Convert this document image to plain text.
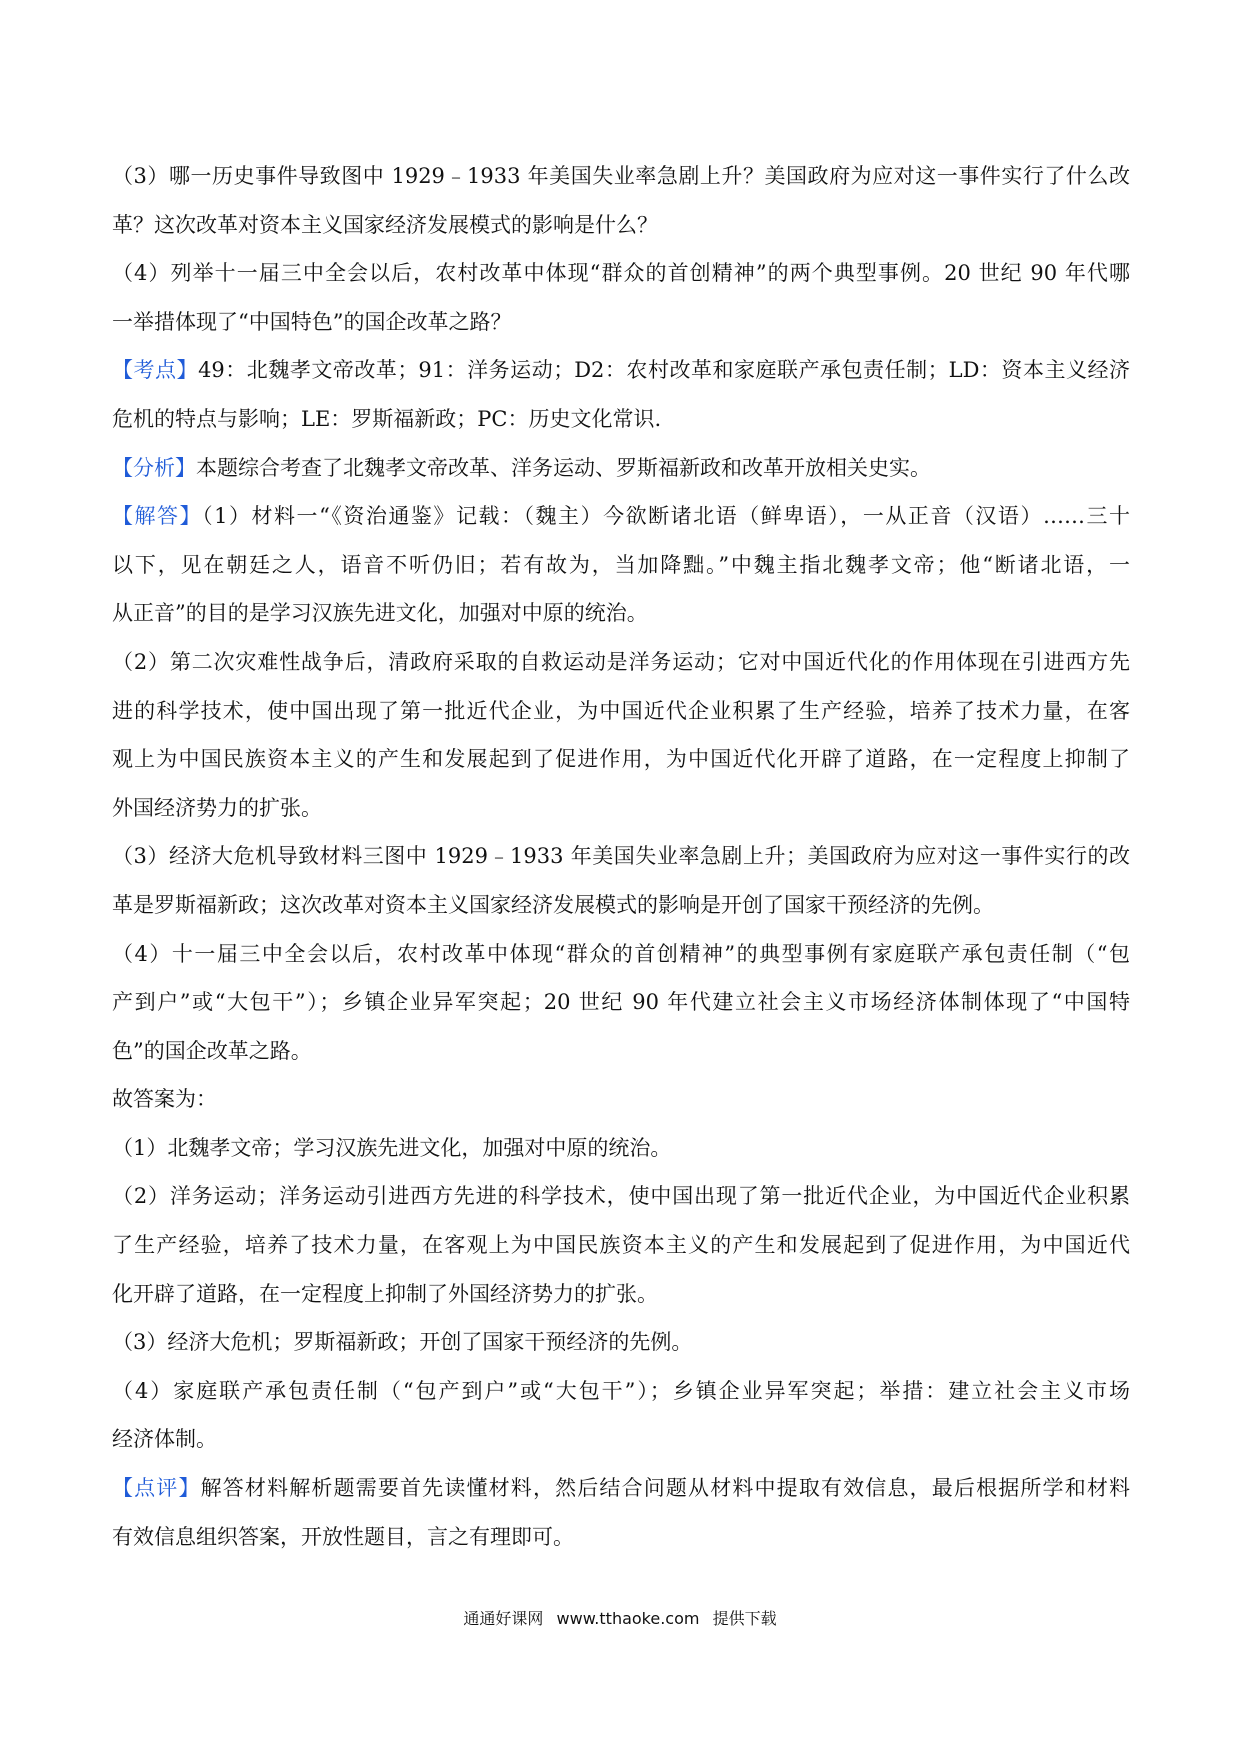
（3）哪一历史事件导致图中 1929﹣1933 年美国失业率急剧上升？美国政府为应对这一事件实行了什么改

革？这次改革对资本主义国家经济发展模式的影响是什么？

（4）列举十一届三中全会以后，农村改革中体现“群众的首创精神”的两个典型事例。20 世纪 90 年代哪

一举措体现了“中国特色”的国企改革之路？

【考点】49：北魏孝文帝改革；91：洋务运动；D2：农村改革和家庭联产承包责任制；LD：资本主义经济

危机的特点与影响；LE：罗斯福新政；PC：历史文化常识.

【分析】本题综合考查了北魏孝文帝改革、洋务运动、罗斯福新政和改革开放相关史实。

【解答】（1）材料一“《资治通鉴》记载：（魏主）今欲断诸北语（鲜卑语），一从正音（汉语）……三十

以下，见在朝廷之人，语音不听仍旧；若有故为，当加降黜。”中魏主指北魏孝文帝；他“断诸北语，一

从正音”的目的是学习汉族先进文化，加强对中原的统治。

（2）第二次灾难性战争后，清政府采取的自救运动是洋务运动；它对中国近代化的作用体现在引进西方先

进的科学技术，使中国出现了第一批近代企业，为中国近代企业积累了生产经验，培养了技术力量，在客

观上为中国民族资本主义的产生和发展起到了促进作用，为中国近代化开辟了道路，在一定程度上抑制了

外国经济势力的扩张。

（3）经济大危机导致材料三图中 1929﹣1933 年美国失业率急剧上升；美国政府为应对这一事件实行的改

革是罗斯福新政；这次改革对资本主义国家经济发展模式的影响是开创了国家干预经济的先例。

（4）十一届三中全会以后，农村改革中体现“群众的首创精神”的典型事例有家庭联产承包责任制（“包

产到户”或“大包干”）；乡镇企业异军突起；20 世纪 90 年代建立社会主义市场经济体制体现了“中国特

色”的国企改革之路。

故答案为：

（1）北魏孝文帝；学习汉族先进文化，加强对中原的统治。

（2）洋务运动；洋务运动引进西方先进的科学技术，使中国出现了第一批近代企业，为中国近代企业积累

了生产经验，培养了技术力量，在客观上为中国民族资本主义的产生和发展起到了促进作用，为中国近代

化开辟了道路，在一定程度上抑制了外国经济势力的扩张。

（3）经济大危机；罗斯福新政；开创了国家干预经济的先例。

（4）家庭联产承包责任制（“包产到户”或“大包干”）；乡镇企业异军突起；举措：建立社会主义市场

经济体制。

【点评】解答材料解析题需要首先读懂材料，然后结合问题从材料中提取有效信息，最后根据所学和材料

有效信息组织答案，开放性题目，言之有理即可。

通通好课网 www.tthaoke.com 提供下载
